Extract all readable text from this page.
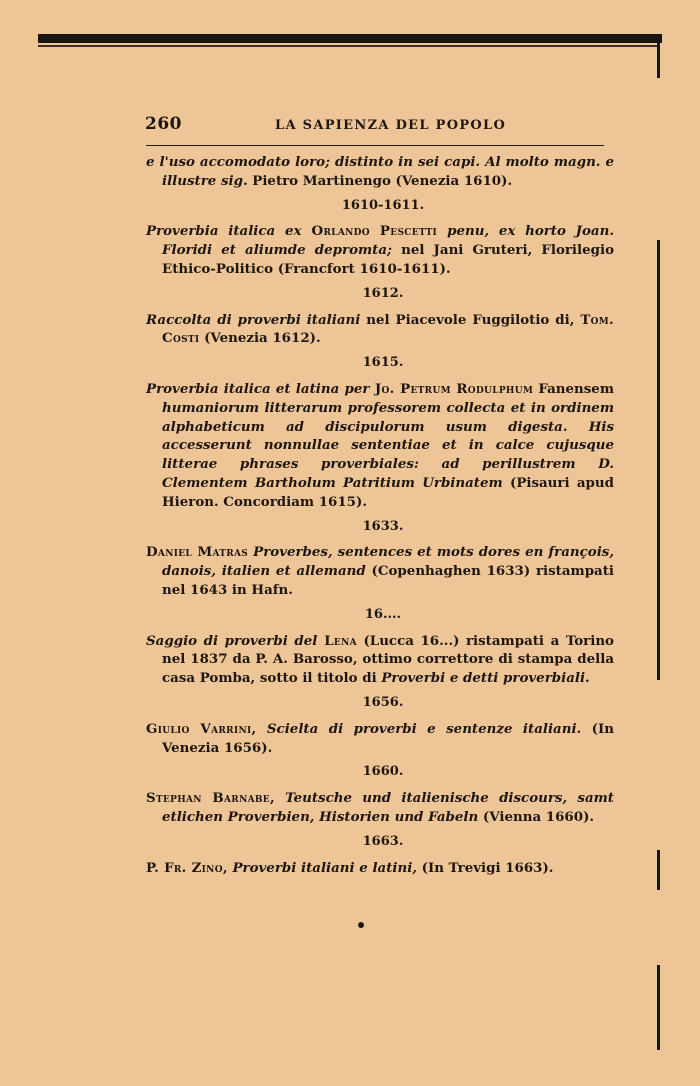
260	LA SAPIENZA DEL POPOLO
e l'uso accomodato loro; distinto in sei capi. Al molto magn. e illustre sig. Pietro Martinengo (Venezia 1610).
1610-1611.
Proverbia italica ex Orlando Pescetti penu, ex horto Joan. Floridi et aliumde depromta; nel Jani Gruteri, Florilegio Ethico-Politico (Francfort 1610-1611).
1612.
Raccolta di proverbi italiani nel Piacevole Fuggilotio di, Tom. Costi (Venezia 1612).
1615.
Proverbia italica et latina per Jo. Petrum Rodulphum Fanensem humaniorum litterarum professorem collecta et in ordinem alphabeticum ad discipulorum usum digesta. His accesserunt nonnullae sententiae et in calce cujusque litterae phrases proverbiales: ad perillustrem D. Clementem Bartholum Patritium Urbinatem (Pisauri apud Hieron. Concordiam 1615).
1633.
Daniel Matras Proverbes, sentences et mots dores en françois, danois, italien et allemand (Copenhaghen 1633) ristampati nel 1643 in Hafn.
16....
Saggio di proverbi del Lena (Lucca 16...) ristampati a Torino nel 1837 da P. A. Barosso, ottimo correttore di stampa della casa Pomba, sotto il titolo di Proverbi e detti proverbiali.
1656.
Giulio Varrini, Scielta di proverbi e sentenze italiani. (In Venezia 1656).
1660.
Stephan Barnabe, Teutsche und italienische discours, samt etlichen Proverbien, Historien und Fabeln (Vienna 1660).
1663.
P. Fr. Zino, Proverbi italiani e latini, (In Trevigi 1663).
